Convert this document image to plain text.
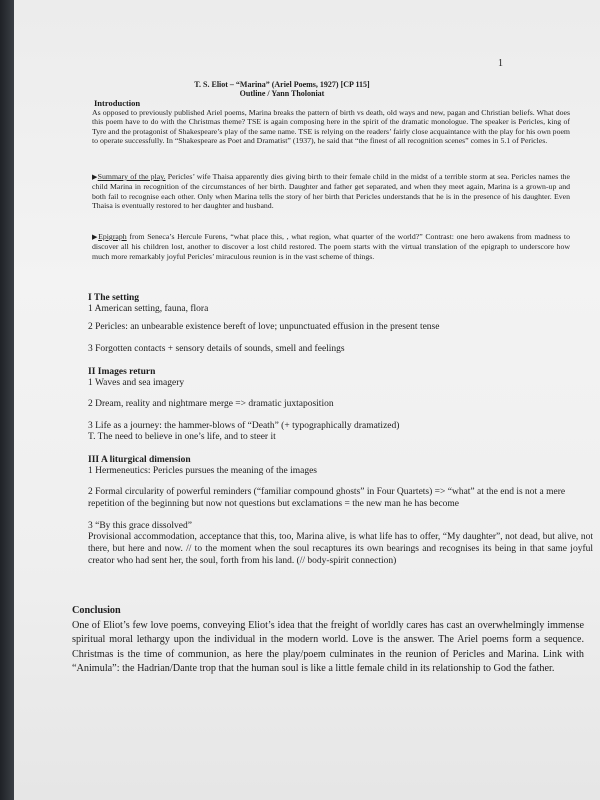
1
T. S. Eliot – “Marina” (Ariel Poems, 1927) [CP 115]
Outline / Yann Tholoniat
Introduction
As opposed to previously published Ariel poems, Marina breaks the pattern of birth vs death, old ways and new, pagan and Christian beliefs. What does this poem have to do with the Christmas theme? TSE is again composing here in the spirit of the dramatic monologue. The speaker is Pericles, king of Tyre and the protagonist of Shakespeare’s play of the same name. TSE is relying on the readers’ fairly close acquaintance with the play for his own poem to operate successfully. In “Shakespeare as Poet and Dramatist” (1937), he said that “the finest of all recognition scenes” comes in 5.1 of Pericles.
▶Summary of the play. Pericles’ wife Thaisa apparently dies giving birth to their female child in the midst of a terrible storm at sea. Pericles names the child Marina in recognition of the circumstances of her birth. Daughter and father get separated, and when they meet again, Marina is a grown-up and both fail to recognise each other. Only when Marina tells the story of her birth that Pericles understands that he is in the presence of his daughter. Even Thaisa is eventually restored to her daughter and husband.
▶Epigraph from Seneca’s Hercule Furens, “what place this, , what region, what quarter of the world?” Contrast: one hero awakens from madness to discover all his children lost, another to discover a lost child restored. The poem starts with the virtual translation of the epigraph to underscore how much more remarkably joyful Pericles’ miraculous reunion is in the vast scheme of things.
I The setting
1 American setting, fauna, flora
2 Pericles: an unbearable existence bereft of love; unpunctuated effusion in the present tense
3 Forgotten contacts + sensory details of sounds, smell and feelings
II Images return
1 Waves and sea imagery
2 Dream, reality and nightmare merge => dramatic juxtaposition
3 Life as a journey: the hammer-blows of “Death” (+ typographically dramatized)
T. The need to believe in one’s life, and to steer it
III A liturgical dimension
1 Hermeneutics: Pericles pursues the meaning of the images
2 Formal circularity of powerful reminders (“familiar compound ghosts” in Four Quartets) => “what” at the end is not a mere repetition of the beginning but now not questions but exclamations = the new man he has become
3 “By this grace dissolved”
Provisional accommodation, acceptance that this, too, Marina alive, is what life has to offer, “My daughter”, not dead, but alive, not there, but here and now. // to the moment when the soul recaptures its own bearings and recognises its being in that same joyful creator who had sent her, the soul, forth from his land. (// body-spirit connection)
Conclusion
One of Eliot’s few love poems, conveying Eliot’s idea that the freight of worldly cares has cast an overwhelmingly immense spiritual moral lethargy upon the individual in the modern world. Love is the answer. The Ariel poems form a sequence. Christmas is the time of communion, as here the play/poem culminates in the reunion of Pericles and Marina. Link with “Animula”: the Hadrian/Dante trop that the human soul is like a little female child in its relationship to God the father.
